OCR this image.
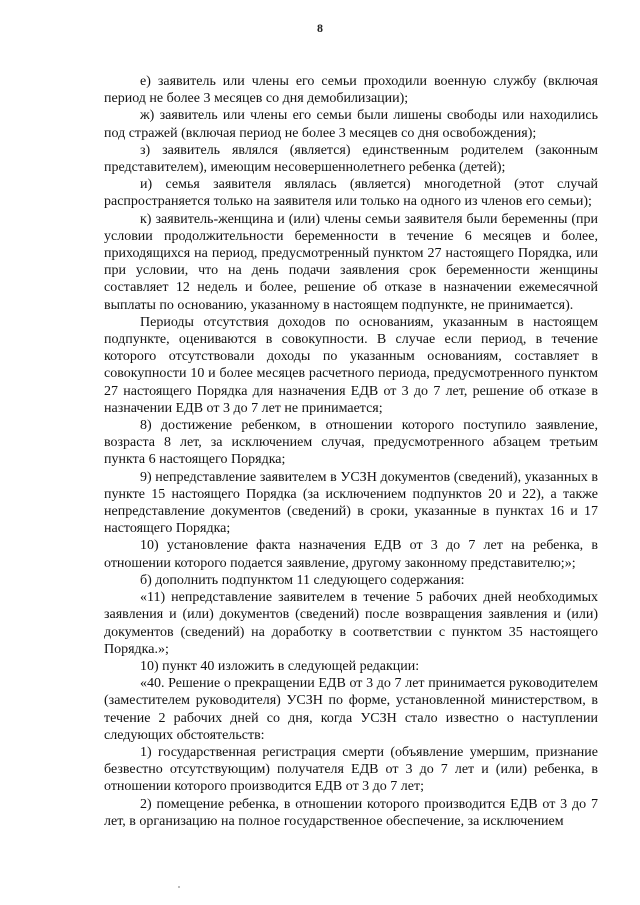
8

е) заявитель или члены его семьи проходили военную службу (включая период не более 3 месяцев со дня демобилизации);

ж) заявитель или члены его семьи были лишены свободы или находились под стражей (включая период не более 3 месяцев со дня освобождения);

з) заявитель являлся (является) единственным родителем (законным представителем), имеющим несовершеннолетнего ребенка (детей);

и) семья заявителя являлась (является) многодетной (этот случай распространяется только на заявителя или только на одного из членов его семьи);

к) заявитель-женщина и (или) члены семьи заявителя были беременны (при условии продолжительности беременности в течение 6 месяцев и более, приходящихся на период, предусмотренный пунктом 27 настоящего Порядка, или при условии, что на день подачи заявления срок беременности женщины составляет 12 недель и более, решение об отказе в назначении ежемесячной выплаты по основанию, указанному в настоящем подпункте, не принимается).

Периоды отсутствия доходов по основаниям, указанным в настоящем подпункте, оцениваются в совокупности. В случае если период, в течение которого отсутствовали доходы по указанным основаниям, составляет в совокупности 10 и более месяцев расчетного периода, предусмотренного пунктом 27 настоящего Порядка для назначения ЕДВ от 3 до 7 лет, решение об отказе в назначении ЕДВ от 3 до 7 лет не принимается;

8) достижение ребенком, в отношении которого поступило заявление, возраста 8 лет, за исключением случая, предусмотренного абзацем третьим пункта 6 настоящего Порядка;

9) непредставление заявителем в УСЗН документов (сведений), указанных в пункте 15 настоящего Порядка (за исключением подпунктов 20 и 22), а также непредставление документов (сведений) в сроки, указанные в пунктах 16 и 17 настоящего Порядка;

10) установление факта назначения ЕДВ от 3 до 7 лет на ребенка, в отношении которого подается заявление, другому законному представителю;»;

б) дополнить подпунктом 11 следующего содержания:

«11) непредставление заявителем в течение 5 рабочих дней необходимых заявления и (или) документов (сведений) после возвращения заявления и (или) документов (сведений) на доработку в соответствии с пунктом 35 настоящего Порядка.»;

10) пункт 40 изложить в следующей редакции:

«40. Решение о прекращении ЕДВ от 3 до 7 лет принимается руководителем (заместителем руководителя) УСЗН по форме, установленной министерством, в течение 2 рабочих дней со дня, когда УСЗН стало известно о наступлении следующих обстоятельств:

1) государственная регистрация смерти (объявление умершим, признание безвестно отсутствующим) получателя ЕДВ от 3 до 7 лет и (или) ребенка, в отношении которого производится ЕДВ от 3 до 7 лет;

2) помещение ребенка, в отношении которого производится ЕДВ от 3 до 7 лет, в организацию на полное государственное обеспечение, за исключением
